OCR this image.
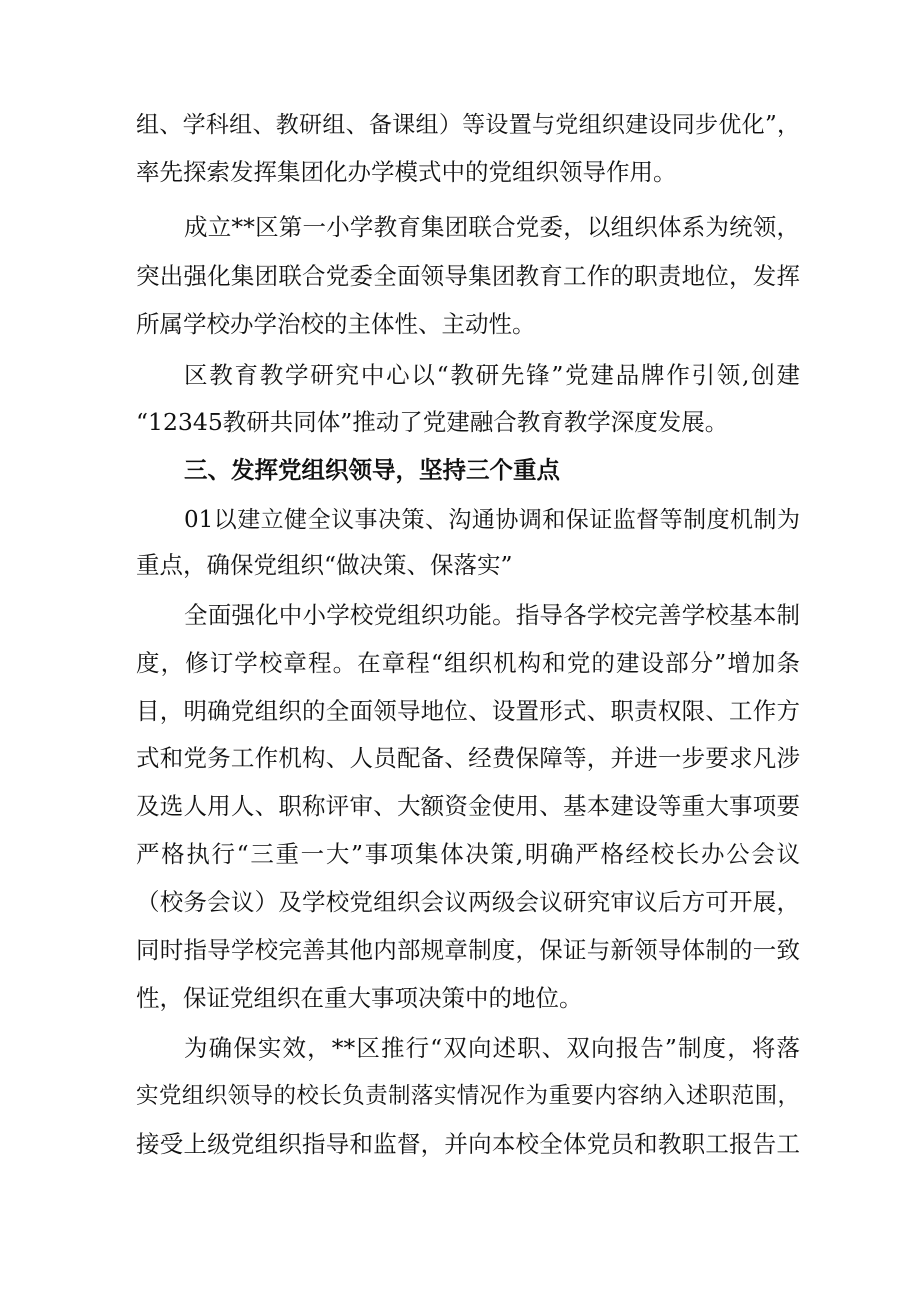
组、学科组、教研组、备课组）等设置与党组织建设同步优化”，
率先探索发挥集团化办学模式中的党组织领导作用。
成立**区第一小学教育集团联合党委，以组织体系为统领，
突出强化集团联合党委全面领导集团教育工作的职责地位，发挥
所属学校办学治校的主体性、主动性。
区教育教学研究中心以“教研先锋”党建品牌作引领,创建
“12345教研共同体”推动了党建融合教育教学深度发展。
三、发挥党组织领导，坚持三个重点
01以建立健全议事决策、沟通协调和保证监督等制度机制为
重点，确保党组织“做决策、保落实”
全面强化中小学校党组织功能。指导各学校完善学校基本制
度，修订学校章程。在章程“组织机构和党的建设部分”增加条
目，明确党组织的全面领导地位、设置形式、职责权限、工作方
式和党务工作机构、人员配备、经费保障等，并进一步要求凡涉
及选人用人、职称评审、大额资金使用、基本建设等重大事项要
严格执行“三重一大”事项集体决策,明确严格经校长办公会议
（校务会议）及学校党组织会议两级会议研究审议后方可开展，
同时指导学校完善其他内部规章制度，保证与新领导体制的一致
性，保证党组织在重大事项决策中的地位。
为确保实效，**区推行“双向述职、双向报告”制度，将落
实党组织领导的校长负责制落实情况作为重要内容纳入述职范围，
接受上级党组织指导和监督，并向本校全体党员和教职工报告工
